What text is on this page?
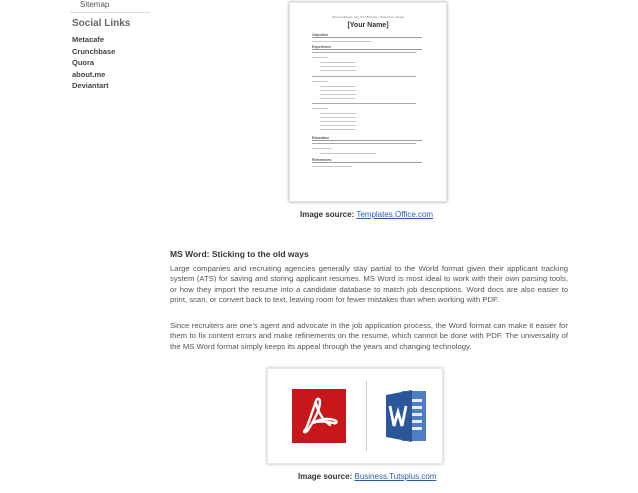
Sitemap
Social Links
Metacafe
Crunchbase
Quora
about.me
Deviantart
Street Address, City, ST ZIP Code | Telephone | Email
[Your Name]
Objective
Experience
Education
References
Image source: Templates.Office.com
MS Word: Sticking to the old ways

Large companies and recruiting agencies generally stay partial to the World format given their applicant tracking system (ATS) for saving and storing applicant resumes. MS Word is most ideal to work with their own parsing tools, or how they import the resume into a candidate database to match job descriptions. Word docs are also easier to print, scan, or convert back to text, leaving room for fewer mistakes than when working with PDF.

Since recruiters are one's agent and advocate in the job application process, the Word format can make it easier for them to fix content errors and make refinements on the resume, which cannot be done with PDF. The universality of the MS Word format simply keeps its appeal through the years and changing technology.

Image source: Business.Tutsplus.com
